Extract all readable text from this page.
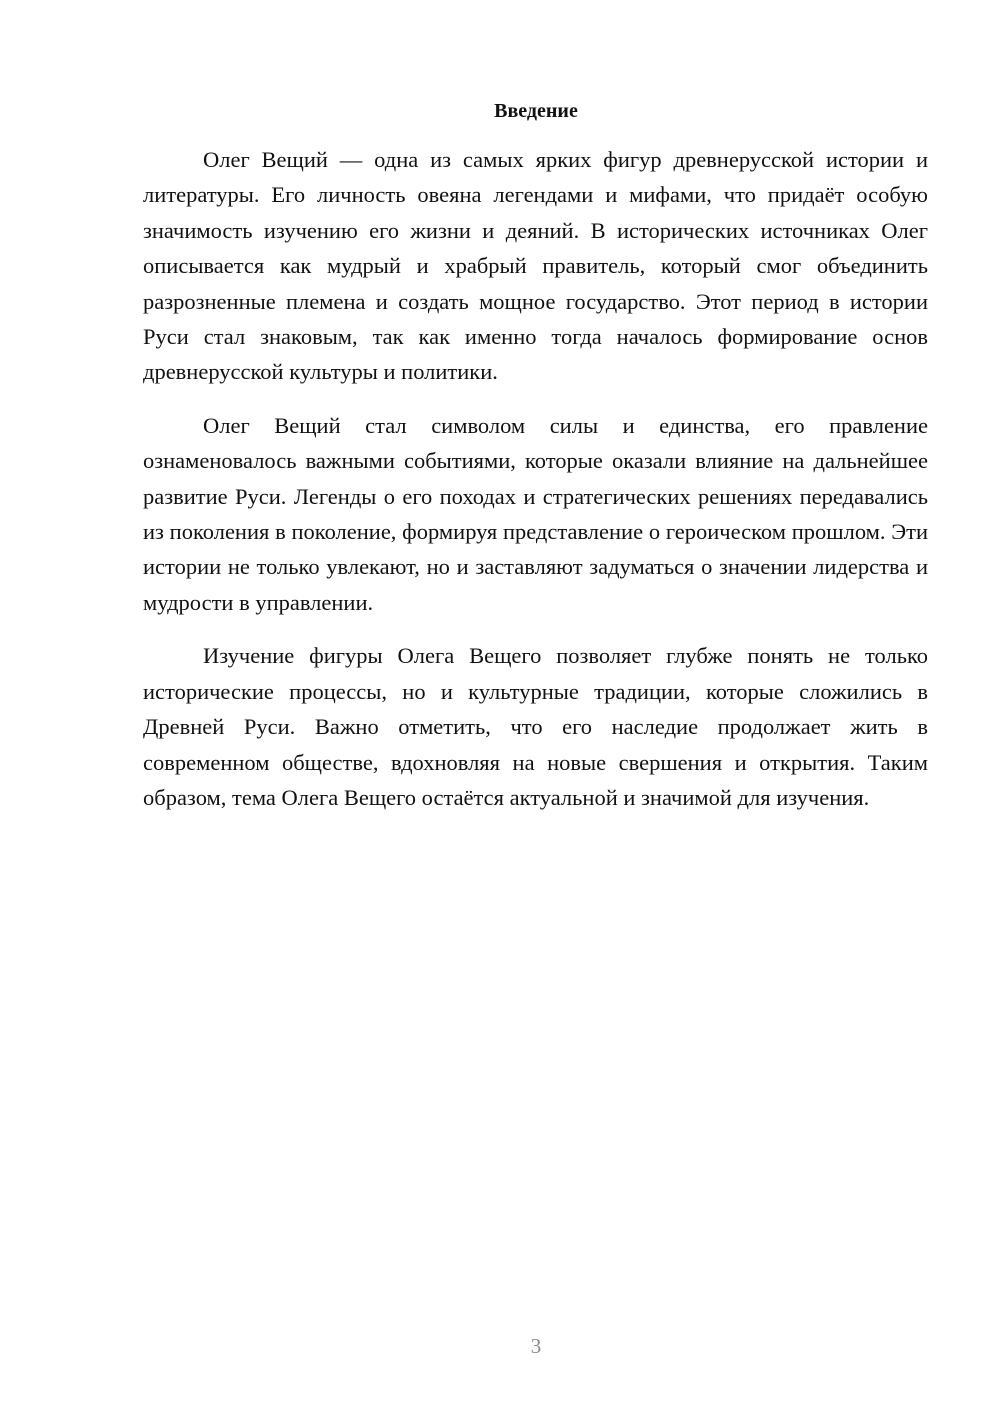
Введение

Олег Вещий — одна из самых ярких фигур древнерусской истории и литературы. Его личность овеяна легендами и мифами, что придаёт особую значимость изучению его жизни и деяний. В исторических источниках Олег описывается как мудрый и храбрый правитель, который смог объединить разрозненные племена и создать мощное государство. Этот период в истории Руси стал знаковым, так как именно тогда началось формирование основ древнерусской культуры и политики.

Олег Вещий стал символом силы и единства, его правление ознаменовалось важными событиями, которые оказали влияние на дальнейшее развитие Руси. Легенды о его походах и стратегических решениях передавались из поколения в поколение, формируя представление о героическом прошлом. Эти истории не только увлекают, но и заставляют задуматься о значении лидерства и мудрости в управлении.

Изучение фигуры Олега Вещего позволяет глубже понять не только исторические процессы, но и культурные традиции, которые сложились в Древней Руси. Важно отметить, что его наследие продолжает жить в современном обществе, вдохновляя на новые свершения и открытия. Таким образом, тема Олега Вещего остаётся актуальной и значимой для изучения.

3
